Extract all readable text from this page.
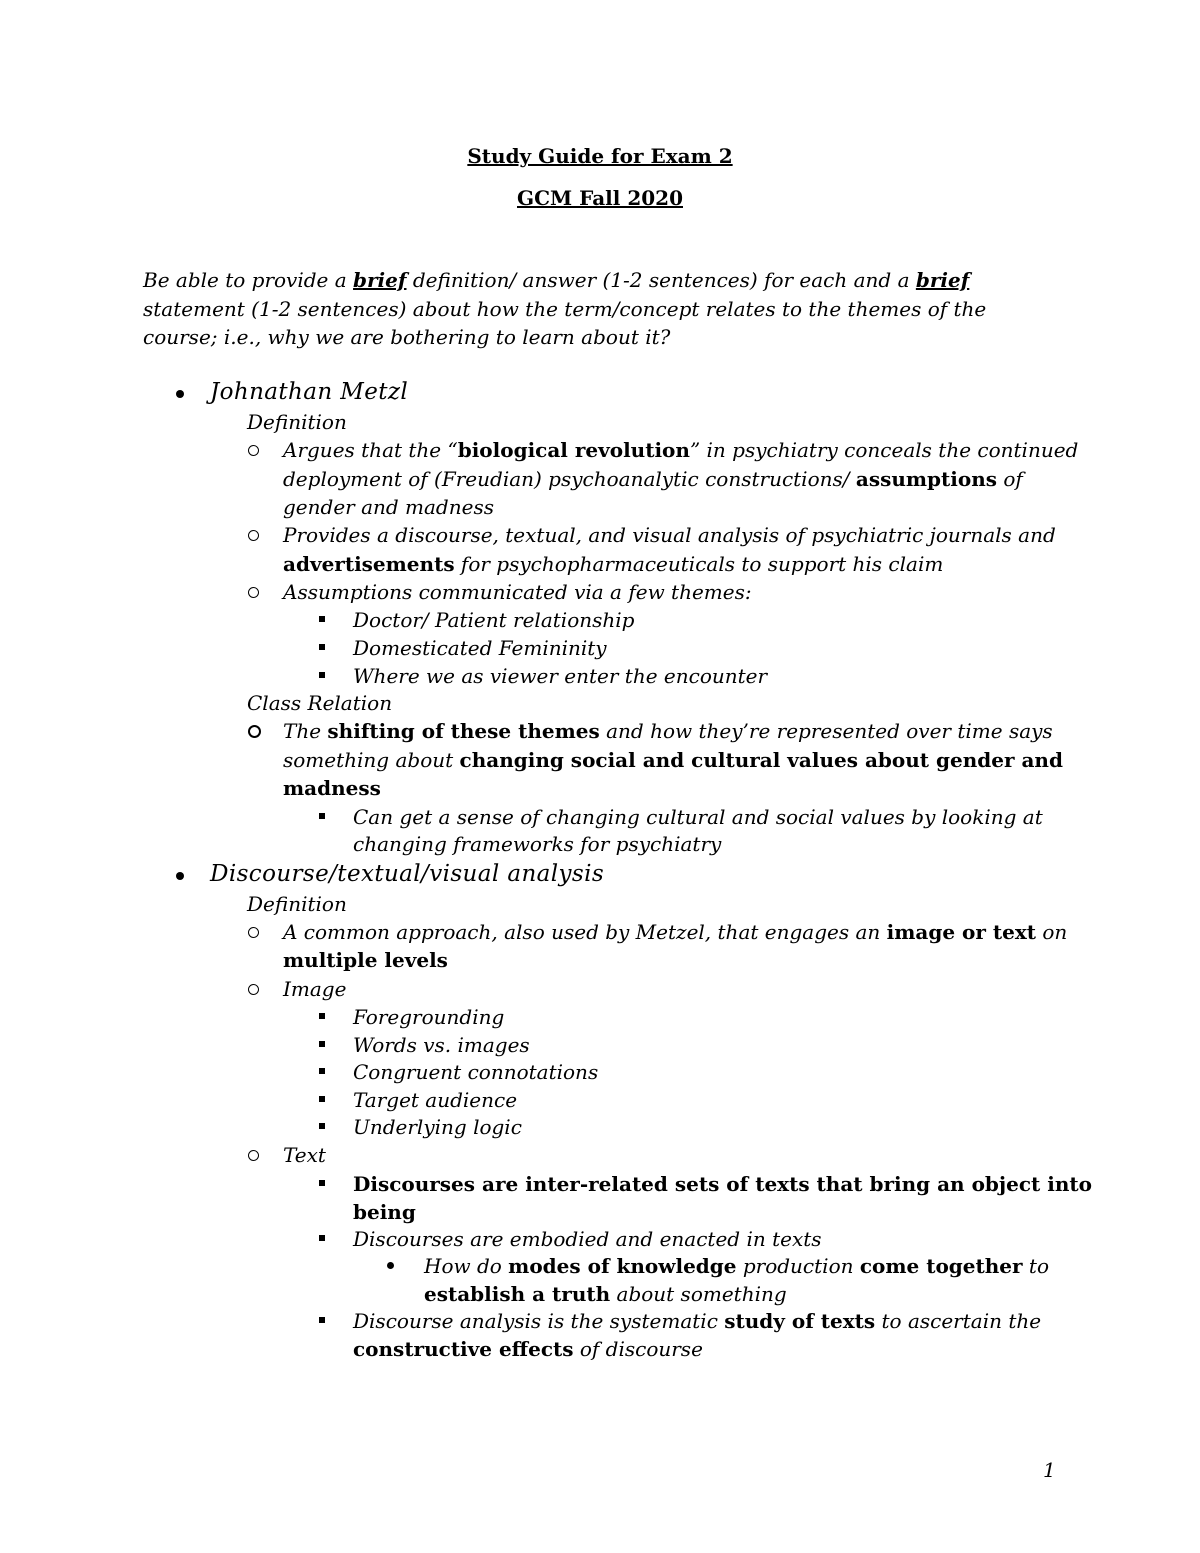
Study Guide for Exam 2
GCM Fall 2020
Be able to provide a brief definition/ answer (1-2 sentences) for each and a brief statement (1-2 sentences) about how the term/concept relates to the themes of the course; i.e., why we are bothering to learn about it?
Johnathan Metzl
Definition
Argues that the “biological revolution” in psychiatry conceals the continued
deployment of (Freudian) psychoanalytic constructions/ assumptions of
gender and madness
Provides a discourse, textual, and visual analysis of psychiatric journals and
advertisements for psychopharmaceuticals to support his claim
Assumptions communicated via a few themes:
Doctor/ Patient relationship
Domesticated Femininity
Where we as viewer enter the encounter
Class Relation
The shifting of these themes and how they’re represented over time says
something about changing social and cultural values about gender and
madness
Can get a sense of changing cultural and social values by looking at
changing frameworks for psychiatry
Discourse/textual/visual analysis
Definition
A common approach, also used by Metzel, that engages an image or text on
multiple levels
Image
Foregrounding
Words vs. images
Congruent connotations
Target audience
Underlying logic
Text
Discourses are inter-related sets of texts that bring an object into
being
Discourses are embodied and enacted in texts
How do modes of knowledge production come together to
establish a truth about something
Discourse analysis is the systematic study of texts to ascertain the
constructive effects of discourse
1
